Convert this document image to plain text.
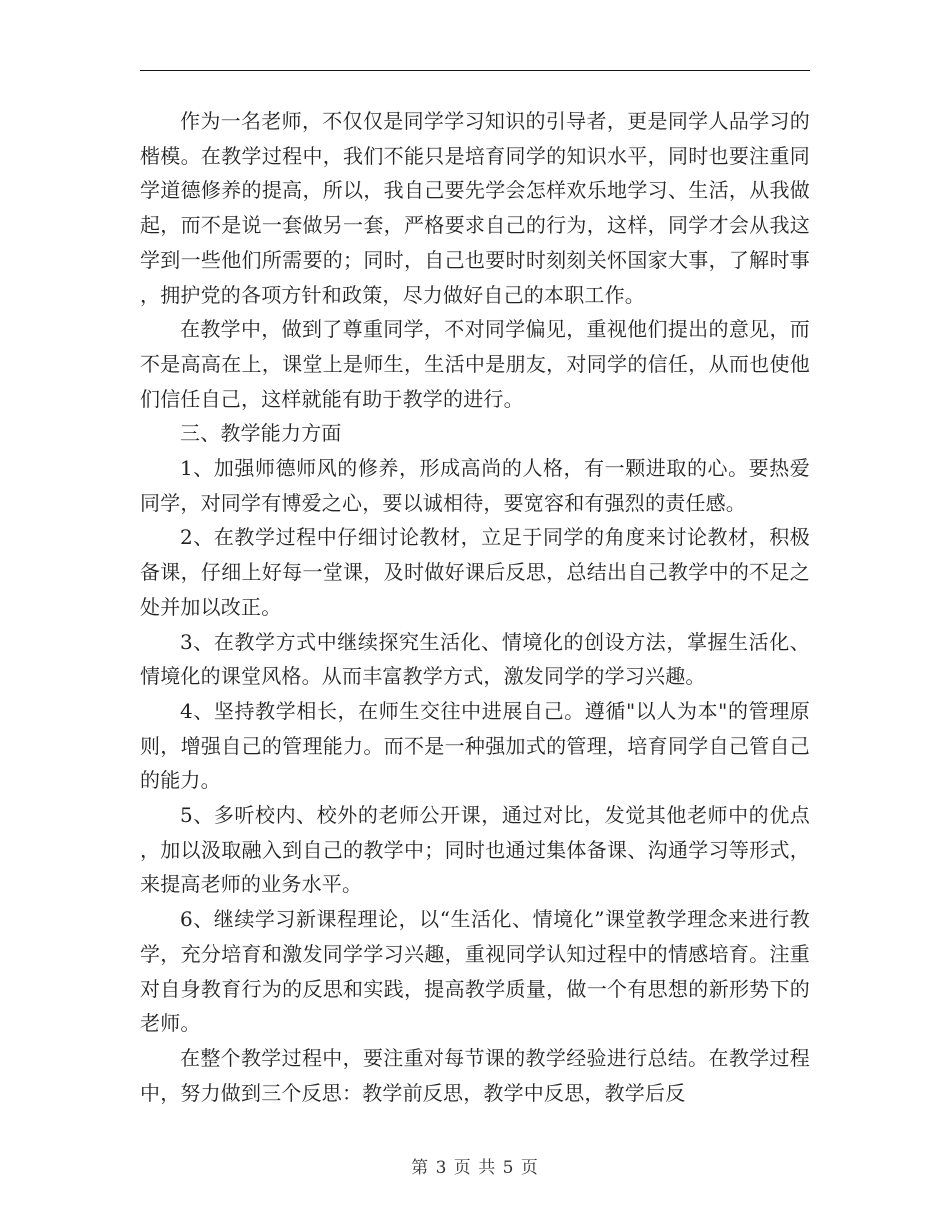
作为一名老师，不仅仅是同学学习知识的引导者，更是同学人品学习的楷模。在教学过程中，我们不能只是培育同学的知识水平，同时也要注重同学道德修养的提高，所以，我自己要先学会怎样欢乐地学习、生活，从我做起，而不是说一套做另一套，严格要求自己的行为，这样，同学才会从我这学到一些他们所需要的；同时，自己也要时时刻刻关怀国家大事，了解时事，拥护党的各项方针和政策，尽力做好自己的本职工作。

在教学中，做到了尊重同学，不对同学偏见，重视他们提出的意见，而不是高高在上，课堂上是师生，生活中是朋友，对同学的信任，从而也使他们信任自己，这样就能有助于教学的进行。

三、教学能力方面

1、加强师德师风的修养，形成高尚的人格，有一颗进取的心。要热爱同学，对同学有博爱之心，要以诚相待，要宽容和有强烈的责任感。

2、在教学过程中仔细讨论教材，立足于同学的角度来讨论教材，积极备课，仔细上好每一堂课，及时做好课后反思，总结出自己教学中的不足之处并加以改正。

3、在教学方式中继续探究生活化、情境化的创设方法，掌握生活化、情境化的课堂风格。从而丰富教学方式，激发同学的学习兴趣。

4、坚持教学相长，在师生交往中进展自己。遵循"以人为本"的管理原则，增强自己的管理能力。而不是一种强加式的管理，培育同学自己管自己的能力。

5、多听校内、校外的老师公开课，通过对比，发觉其他老师中的优点，加以汲取融入到自己的教学中；同时也通过集体备课、沟通学习等形式，来提高老师的业务水平。

6、继续学习新课程理论，以“生活化、情境化”课堂教学理念来进行教学，充分培育和激发同学学习兴趣，重视同学认知过程中的情感培育。注重对自身教育行为的反思和实践，提高教学质量，做一个有思想的新形势下的老师。

在整个教学过程中，要注重对每节课的教学经验进行总结。在教学过程中，努力做到三个反思：教学前反思，教学中反思，教学后反

第 3 页 共 5 页
